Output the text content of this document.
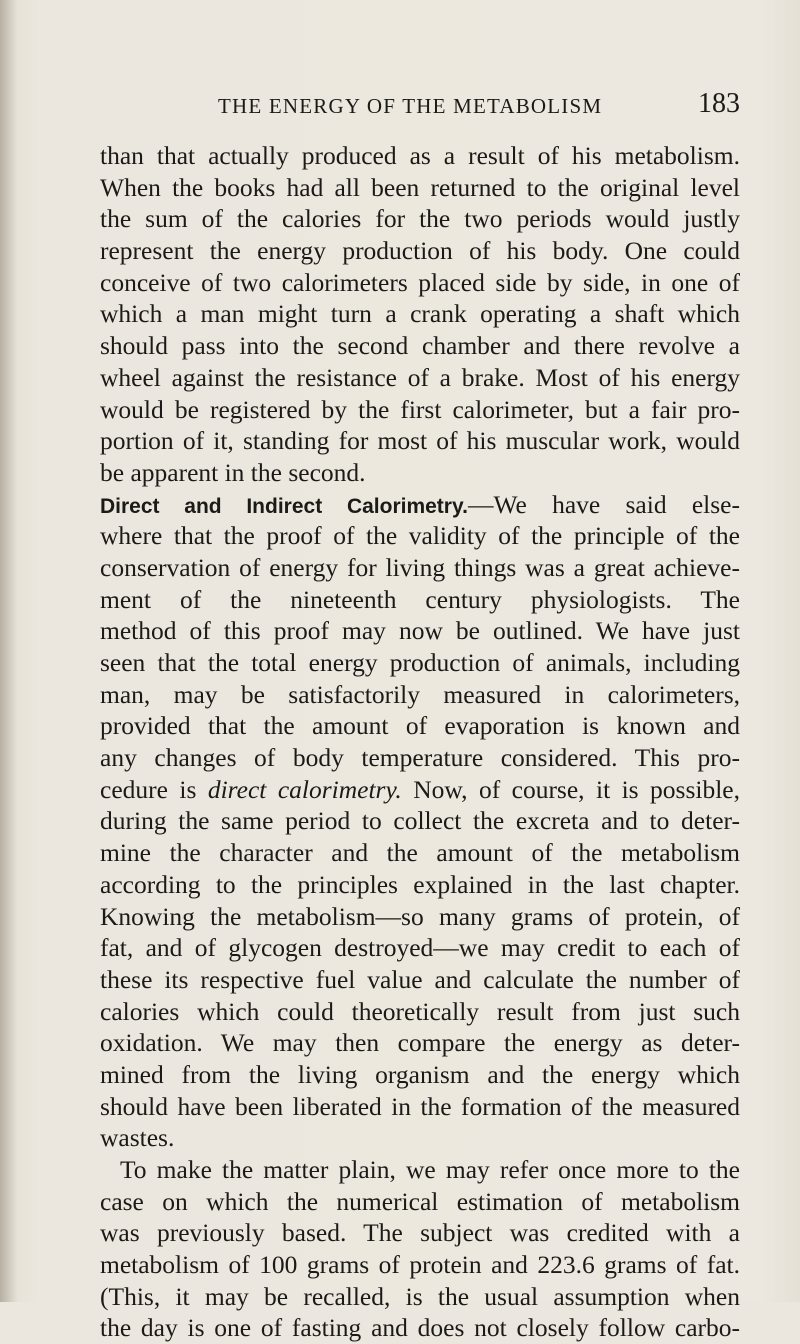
THE ENERGY OF THE METABOLISM	183
than that actually produced as a result of his metabolism.
When the books had all been returned to the original level
the sum of the calories for the two periods would justly
represent the energy production of his body. One could
conceive of two calorimeters placed side by side, in one of
which a man might turn a crank operating a shaft which
should pass into the second chamber and there revolve a
wheel against the resistance of a brake. Most of his energy
would be registered by the first calorimeter, but a fair pro-
portion of it, standing for most of his muscular work, would
be apparent in the second.
Direct and Indirect Calorimetry.—We have said else-
where that the proof of the validity of the principle of the
conservation of energy for living things was a great achieve-
ment of the nineteenth century physiologists. The
method of this proof may now be outlined. We have just
seen that the total energy production of animals, including
man, may be satisfactorily measured in calorimeters,
provided that the amount of evaporation is known and
any changes of body temperature considered. This pro-
cedure is direct calorimetry. Now, of course, it is possible,
during the same period to collect the excreta and to deter-
mine the character and the amount of the metabolism
according to the principles explained in the last chapter.
Knowing the metabolism—so many grams of protein, of
fat, and of glycogen destroyed—we may credit to each of
these its respective fuel value and calculate the number of
calories which could theoretically result from just such
oxidation. We may then compare the energy as deter-
mined from the living organism and the energy which
should have been liberated in the formation of the measured
wastes.
To make the matter plain, we may refer once more to the
case on which the numerical estimation of metabolism
was previously based. The subject was credited with a
metabolism of 100 grams of protein and 223.6 grams of fat.
(This, it may be recalled, is the usual assumption when
the day is one of fasting and does not closely follow carbo-
